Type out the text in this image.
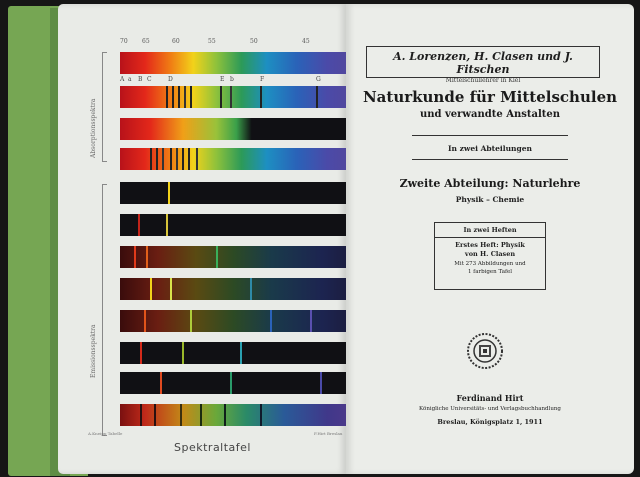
70 65	60	55	50	45
Absorptionsspektra
Emissionsspektra
A a B C	D	E b	F	G
A.Kneipp Tabelle	F.Hirt Breslau
Spektraltafel
A. Lorenzen, H. Clasen und J. Fitschen
Mittelschullehrer in Kiel
Naturkunde für Mittelschulen
und verwandte Anstalten
In zwei Abteilungen
Zweite Abteilung: Naturlehre
Physik – Chemie
In zwei Heften
Erstes Heft: Physik
von H. Clasen
Mit 273 Abbildungen und
1 farbigen Tafel
Ferdinand Hirt
Königliche Universitäts- und Verlagsbuchhandlung
Breslau, Königsplatz 1, 1911
